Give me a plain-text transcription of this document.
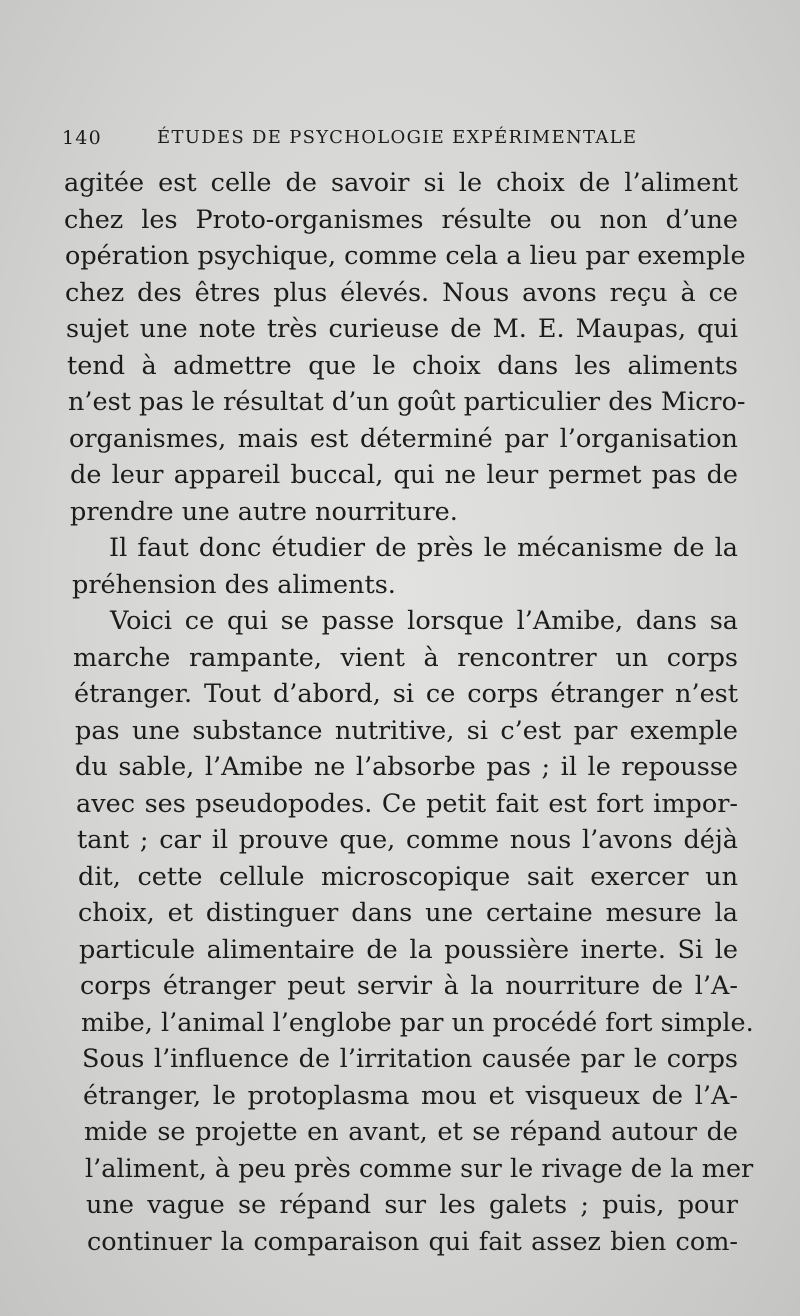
140	ÉTUDES DE PSYCHOLOGIE EXPÉRIMENTALE
agitée est celle de savoir si le choix de l’aliment
chez les Proto-organismes résulte ou non d’une
opération psychique, comme cela a lieu par exemple
chez des êtres plus élevés. Nous avons reçu à ce
sujet une note très curieuse de M. E. Maupas, qui
tend à admettre que le choix dans les aliments
n’est pas le résultat d’un goût particulier des Micro-
organismes, mais est déterminé par l’organisation
de leur appareil buccal, qui ne leur permet pas de
prendre une autre nourriture.
Il faut donc étudier de près le mécanisme de la
préhension des aliments.
Voici ce qui se passe lorsque l’Amibe, dans sa
marche rampante, vient à rencontrer un corps
étranger. Tout d’abord, si ce corps étranger n’est
pas une substance nutritive, si c’est par exemple
du sable, l’Amibe ne l’absorbe pas ; il le repousse
avec ses pseudopodes. Ce petit fait est fort impor-
tant ; car il prouve que, comme nous l’avons déjà
dit, cette cellule microscopique sait exercer un
choix, et distinguer dans une certaine mesure la
particule alimentaire de la poussière inerte. Si le
corps étranger peut servir à la nourriture de l’A-
mibe, l’animal l’englobe par un procédé fort simple.
Sous l’influence de l’irritation causée par le corps
étranger, le protoplasma mou et visqueux de l’A-
mide se projette en avant, et se répand autour de
l’aliment, à peu près comme sur le rivage de la mer
une vague se répand sur les galets ; puis, pour
continuer la comparaison qui fait assez bien com-
